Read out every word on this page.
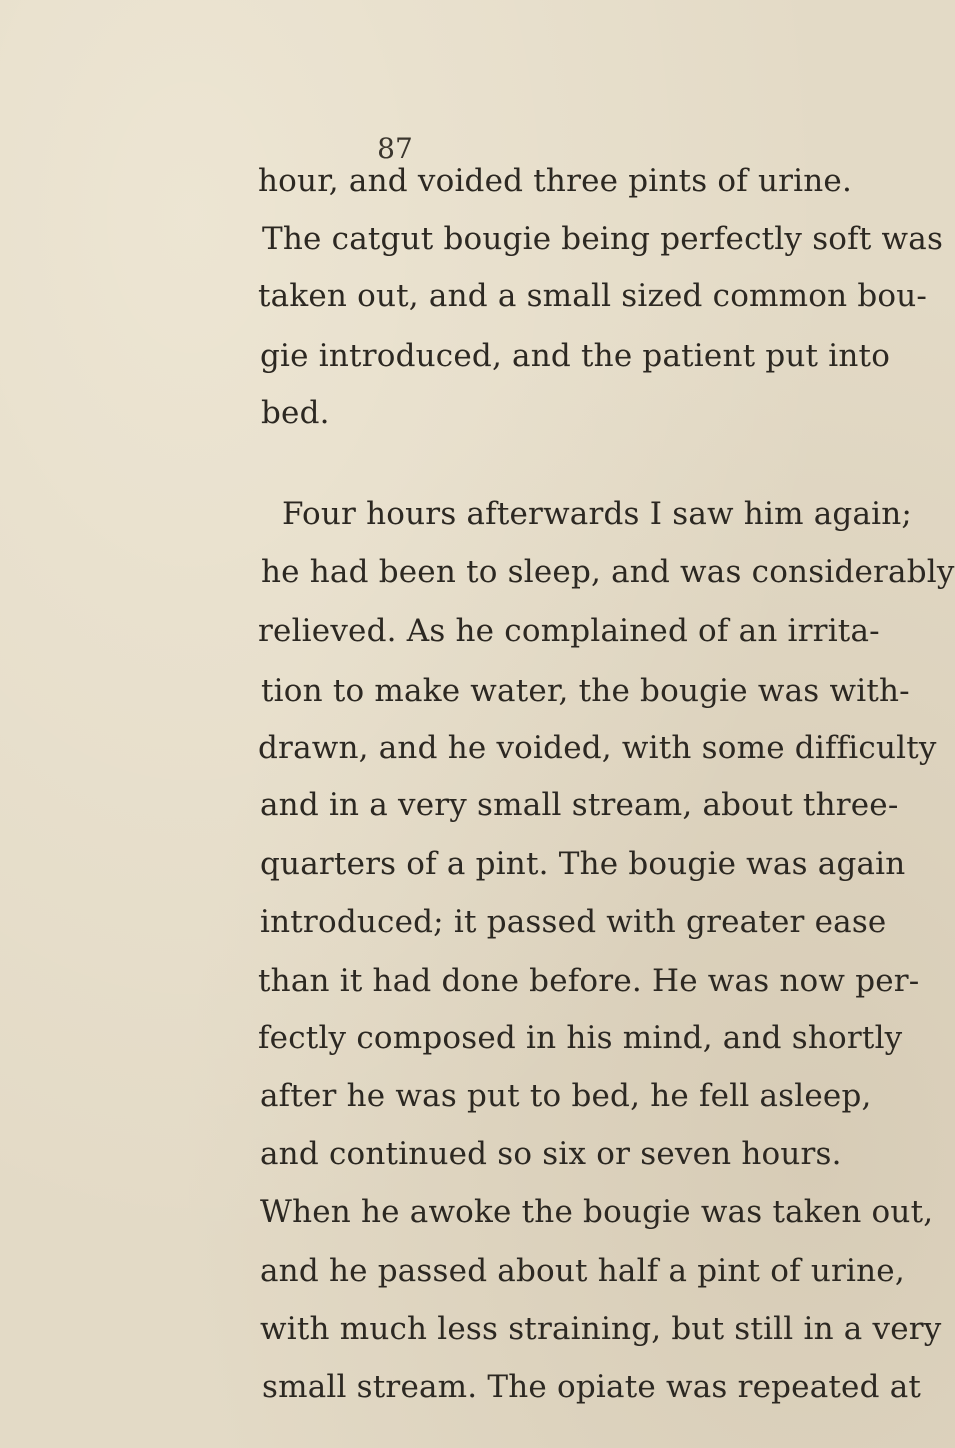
87
hour, and voided three pints of urine.
The catgut bougie being perfectly soft was
taken out, and a small sized common bou-
gie introduced, and the patient put into
bed.
Four hours afterwards I saw him again;
he had been to sleep, and was considerably
relieved. As he complained of an irrita-
tion to make water, the bougie was with-
drawn, and he voided, with some difficulty
and in a very small stream, about three-
quarters of a pint. The bougie was again
introduced; it passed with greater ease
than it had done before. He was now per-
fectly composed in his mind, and shortly
after he was put to bed, he fell asleep,
and continued so six or seven hours.
When he awoke the bougie was taken out,
and he passed about half a pint of urine,
with much less straining, but still in a very
small stream. The opiate was repeated at
